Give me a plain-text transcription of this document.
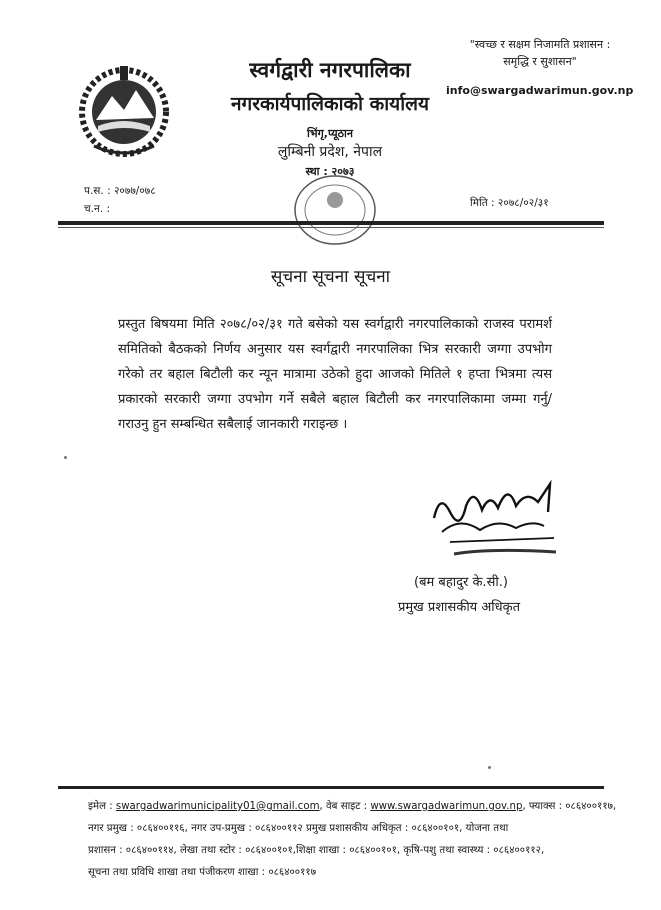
स्वर्गद्वारी नगरपालिका
नगरकार्यपालिकाको कार्यालय
भिंगृ,प्यूठान
लुम्बिनी प्रदेश, नेपाल
स्था : २०७३
"स्वच्छ र सक्षम निजामति प्रशासन :
समृद्धि र सुशासन"
info@swargadwarimun.gov.np
प.स. : २०७७/०७८
च.न. :	मिति : २०७८/०२/३१
सूचना सूचना सूचना
प्रस्तुत बिषयमा मिति २०७८/०२/३१ गते बसेको यस स्वर्गद्वारी नगरपालिकाको राजस्व परामर्श समितिको बैठकको निर्णय अनुसार यस स्वर्गद्वारी नगरपालिका भित्र सरकारी जग्गा उपभोग गरेको तर बहाल बिटौली कर न्यून मात्रामा उठेको हुदा आजको मितिले १ हप्ता भित्रमा त्यस प्रकारको सरकारी जग्गा उपभोग गर्ने सबैले बहाल बिटौली कर नगरपालिकामा जम्मा गर्नु/ गराउनु हुन सम्बन्धित सबैलाई जानकारी गराइन्छ ।
(बम बहादुर के.सी.)
प्रमुख प्रशासकीय अधिकृत
इमेल : swargadwarimunicipality01@gmail.com, वेब साइट : www.swargadwarimun.gov.np, फ्याक्स : ०८६४००११७,
नगर प्रमुख : ०८६४००११६, नगर उप-प्रमुख : ०८६४००११२ प्रमुख प्रशासकीय अधिकृत : ०८६४००१०१, योजना तथा
प्रशासन : ०८६४००११४, लेखा तथा स्टोर : ०८६४००१०१,शिक्षा शाखा : ०८६४००१०१, कृषि-पशु तथा स्वास्थ्य : ०८६४००११२,
सूचना तथा प्रविधि शाखा तथा पंजीकरण शाखा : ०८६४००११७
